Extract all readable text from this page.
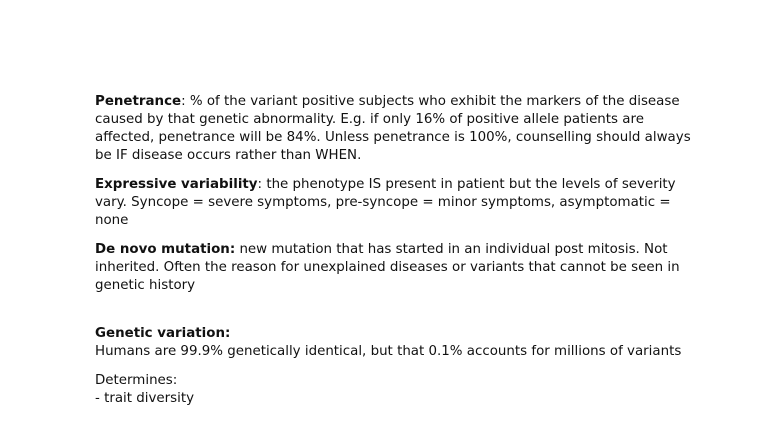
Penetrance: % of the variant positive subjects who exhibit the markers of the disease caused by that genetic abnormality. E.g. if only 16% of positive allele patients are affected, penetrance will be 84%. Unless penetrance is 100%, counselling should always be IF disease occurs rather than WHEN.

Expressive variability: the phenotype IS present in patient but the levels of severity vary. Syncope = severe symptoms, pre-syncope = minor symptoms, asymptomatic = none

De novo mutation: new mutation that has started in an individual post mitosis. Not inherited. Often the reason for unexplained diseases or variants that cannot be seen in genetic history

Genetic variation:

Humans are 99.9% genetically identical, but that 0.1% accounts for millions of variants

Determines:

- trait diversity
